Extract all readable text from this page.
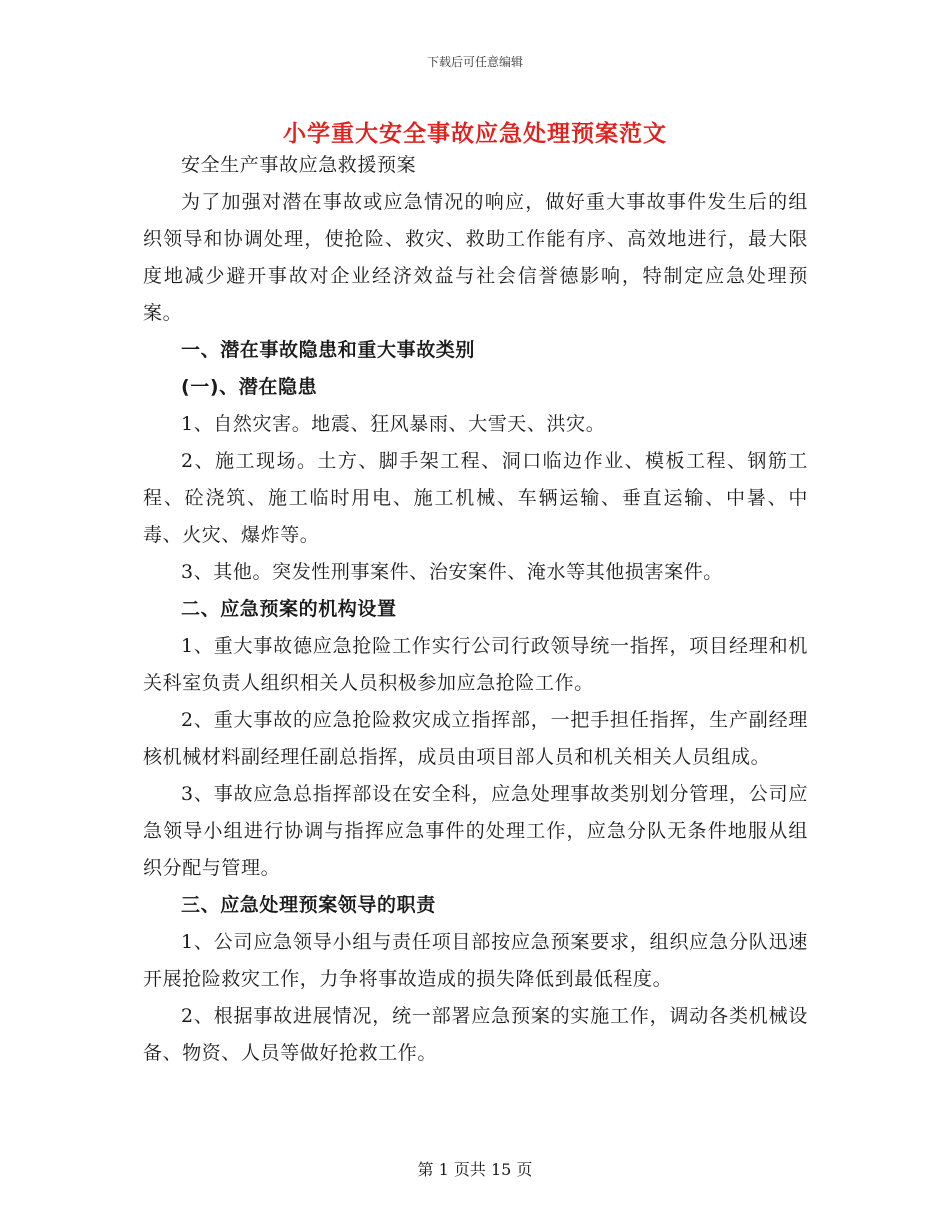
下载后可任意编辑
小学重大安全事故应急处理预案范文

安全生产事故应急救援预案

为了加强对潜在事故或应急情况的响应，做好重大事故事件发生后的组织领导和协调处理，使抢险、救灾、救助工作能有序、高效地进行，最大限度地减少避开事故对企业经济效益与社会信誉德影响，特制定应急处理预案。

一、潜在事故隐患和重大事故类别

(一)、潜在隐患

1、自然灾害。地震、狂风暴雨、大雪天、洪灾。

2、施工现场。土方、脚手架工程、洞口临边作业、模板工程、钢筋工程、砼浇筑、施工临时用电、施工机械、车辆运输、垂直运输、中暑、中毒、火灾、爆炸等。

3、其他。突发性刑事案件、治安案件、淹水等其他损害案件。

二、应急预案的机构设置

1、重大事故德应急抢险工作实行公司行政领导统一指挥，项目经理和机关科室负责人组织相关人员积极参加应急抢险工作。

2、重大事故的应急抢险救灾成立指挥部，一把手担任指挥，生产副经理核机械材料副经理任副总指挥，成员由项目部人员和机关相关人员组成。

3、事故应急总指挥部设在安全科，应急处理事故类别划分管理，公司应急领导小组进行协调与指挥应急事件的处理工作，应急分队无条件地服从组织分配与管理。

三、应急处理预案领导的职责

1、公司应急领导小组与责任项目部按应急预案要求，组织应急分队迅速开展抢险救灾工作，力争将事故造成的损失降低到最低程度。

2、根据事故进展情况，统一部署应急预案的实施工作，调动各类机械设备、物资、人员等做好抢救工作。

第 1 页共 15 页
